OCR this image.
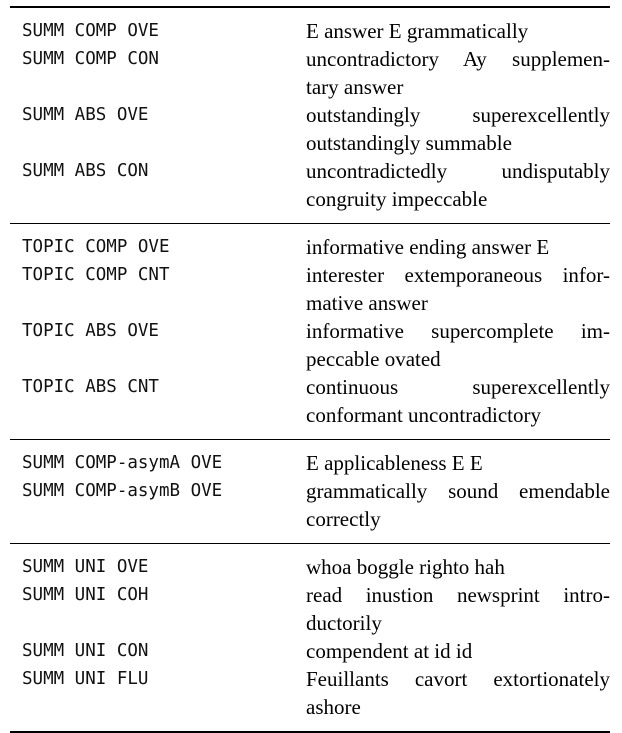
SUMM COMP OVE	E answer E grammatically
SUMM COMP CON	uncontradictory Ay supplemen-
tary answer
SUMM ABS OVE	outstandingly superexcellently
outstandingly summable
SUMM ABS CON	uncontradictedly undisputably
congruity impeccable
TOPIC COMP OVE	informative ending answer E
TOPIC COMP CNT	interester extemporaneous infor-
mative answer
TOPIC ABS OVE	informative supercomplete im-
peccable ovated
TOPIC ABS CNT	continuous superexcellently
conformant uncontradictory
SUMM COMP-asymA OVE	E applicableness E E
SUMM COMP-asymB OVE	grammatically sound emendable
correctly
SUMM UNI OVE	whoa boggle righto hah
SUMM UNI COH	read inustion newsprint intro-
ductorily
SUMM UNI CON	compendent at id id
SUMM UNI FLU	Feuillants cavort extortionately
ashore
